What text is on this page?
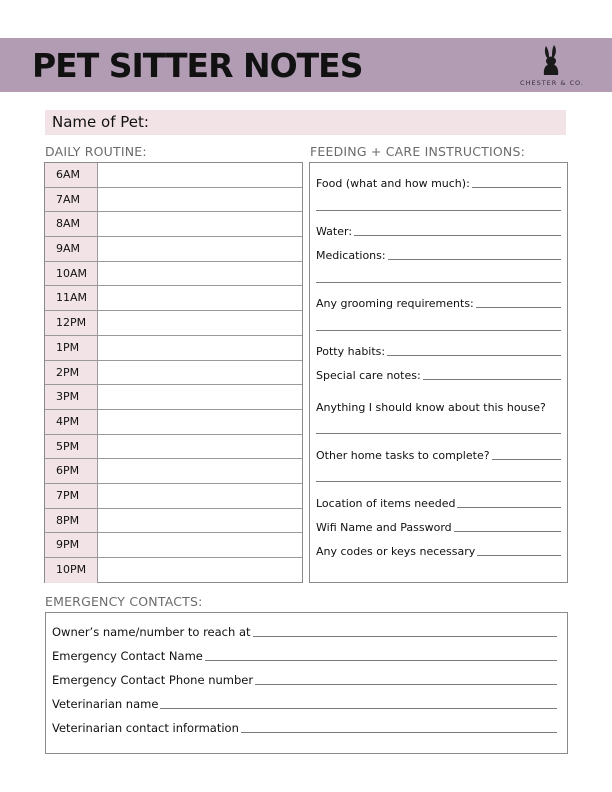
PET SITTER NOTES	CHESTER & CO.
Name of Pet:
DAILY ROUTINE:	FEEDING + CARE INSTRUCTIONS:
6AM
7AM
8AM
9AM
10AM
11AM
12PM
1PM
2PM
3PM
4PM
5PM
6PM
7PM
8PM
9PM
10PM
Food (what and how much):
Water:
Medications:
Any grooming requirements:
Potty habits:
Special care notes:
Anything I should know about this house?
Other home tasks to complete?
Location of items needed
Wifi Name and Password
Any codes or keys necessary
EMERGENCY CONTACTS:
Owner’s name/number to reach at
Emergency Contact Name
Emergency Contact Phone number
Veterinarian name
Veterinarian contact information
